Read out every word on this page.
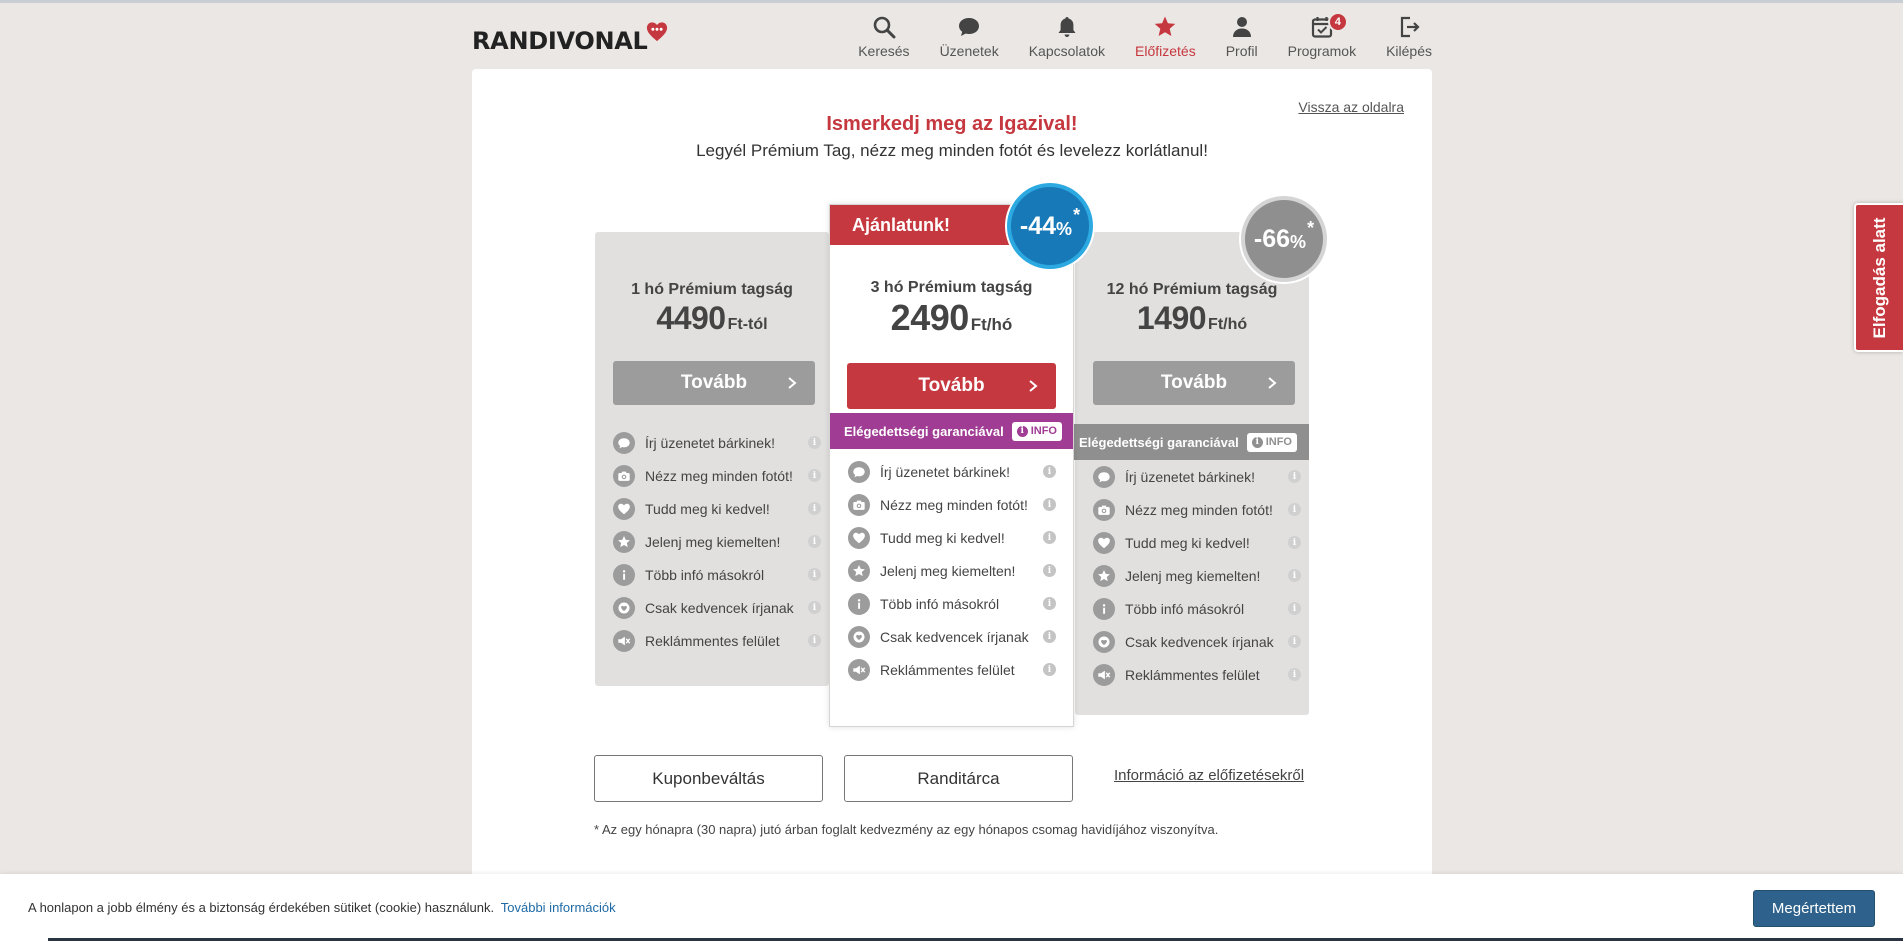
RANDIVONAL	Keresés Üzenetek Kapcsolatok Előfizetés Profil
4
Programok Kilépés
Vissza az oldalra
Ismerkedj meg az Igazival!
Legyél Prémium Tag, nézz meg minden fotót és levelezz korlátlanul!
1 hó Prémium tagság
4490 Ft-tól
Tovább
Írj üzenetet bárkinek!	i
Nézz meg minden fotót!	i
Tudd meg ki kedvel!	i
Jelenj meg kiemelten!	i
Több infó másokról	i
Csak kedvencek írjanak	i
Reklámmentes felület	i
12 hó Prémium tagság
1490 Ft/hó
Tovább
Elégedettségi garanciával	i INFO
Írj üzenetet bárkinek!	i
Nézz meg minden fotót!	i
Tudd meg ki kedvel!	i
Jelenj meg kiemelten!	i
Több infó másokról	i
Csak kedvencek írjanak	i
Reklámmentes felület	i
Ajánlatunk!
3 hó Prémium tagság
2490 Ft/hó
Tovább
Elégedettségi garanciával	i INFO
Írj üzenetet bárkinek!	i
Nézz meg minden fotót!	i
Tudd meg ki kedvel!	i
Jelenj meg kiemelten!	i
Több infó másokról	i
Csak kedvencek írjanak	i
Reklámmentes felület	i
-44 %
*
-66 %
*
Kuponbeváltás	Randitárca	Információ az előfizetésekről
* Az egy hónapra (30 napra) jutó árban foglalt kedvezmény az egy hónapos csomag havidíjához viszonyítva.
Elfogadás alatt
A honlapon a jobb élmény és a biztonság érdekében sütiket (cookie) használunk. További információk	Megértettem
